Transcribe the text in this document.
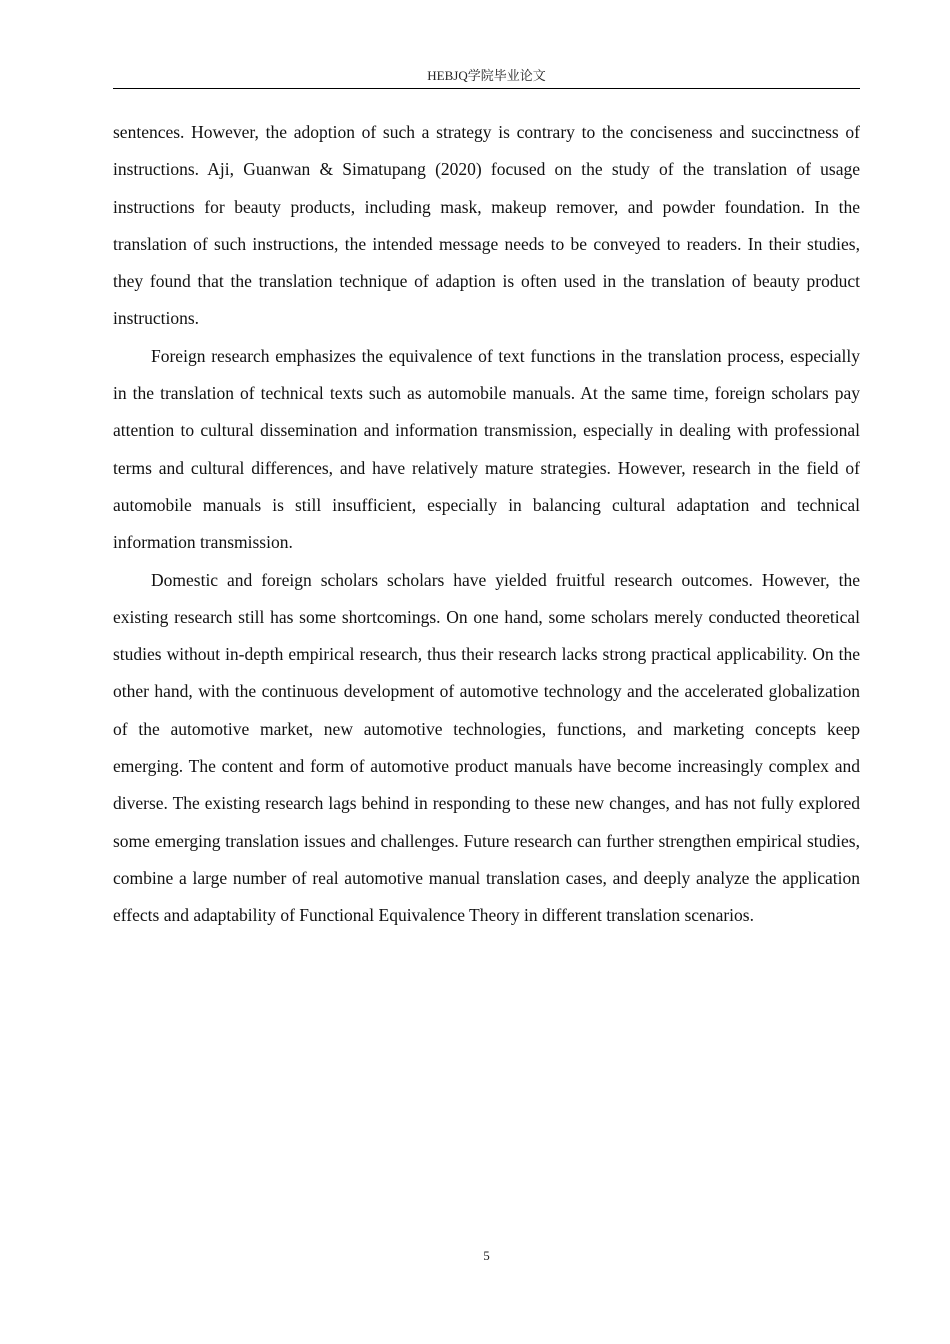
HEBJQ学院毕业论文

sentences. However, the adoption of such a strategy is contrary to the conciseness and succinctness of instructions. Aji, Guanwan & Simatupang (2020) focused on the study of the translation of usage instructions for beauty products, including mask, makeup remover, and powder foundation. In the translation of such instructions, the intended message needs to be conveyed to readers. In their studies, they found that the translation technique of adaption is often used in the translation of beauty product instructions.

Foreign research emphasizes the equivalence of text functions in the translation process, especially in the translation of technical texts such as automobile manuals. At the same time, foreign scholars pay attention to cultural dissemination and information transmission, especially in dealing with professional terms and cultural differences, and have relatively mature strategies. However, research in the field of automobile manuals is still insufficient, especially in balancing cultural adaptation and technical information transmission.

Domestic and foreign scholars scholars have yielded fruitful research outcomes. However, the existing research still has some shortcomings. On one hand, some scholars merely conducted theoretical studies without in-depth empirical research, thus their research lacks strong practical applicability. On the other hand, with the continuous development of automotive technology and the accelerated globalization of the automotive market, new automotive technologies, functions, and marketing concepts keep emerging. The content and form of automotive product manuals have become increasingly complex and diverse. The existing research lags behind in responding to these new changes, and has not fully explored some emerging translation issues and challenges. Future research can further strengthen empirical studies, combine a large number of real automotive manual translation cases, and deeply analyze the application effects and adaptability of Functional Equivalence Theory in different translation scenarios.

5
